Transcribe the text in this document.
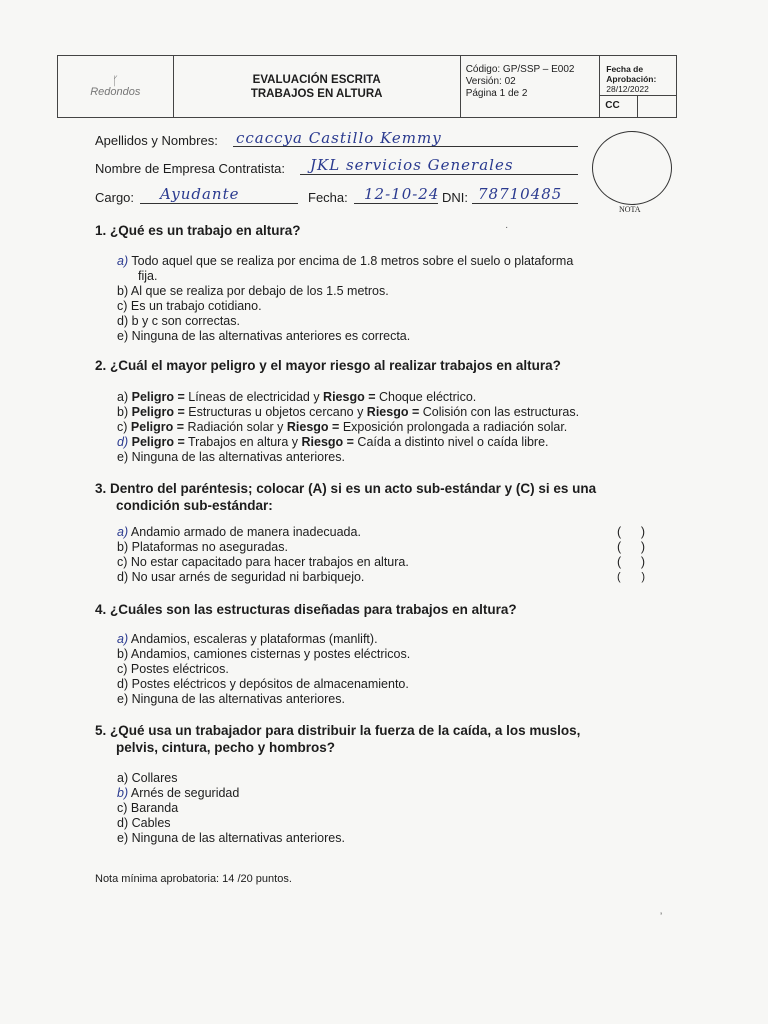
ᚴ
Redondos
EVALUACIÓN ESCRITA
TRABAJOS EN ALTURA
Código: GP/SSP – E002
Versión: 02
Página 1 de 2
Fecha de Aprobación:
28/12/2022
CC
Apellidos y Nombres: ccaccya Castillo Kemmy
Nombre de Empresa Contratista: JKL servicios Generales
Cargo: Ayudante	Fecha: 12-10-24 DNI: 78710485
NOTA
·
ʼ
1. ¿Qué es un trabajo en altura?
a) Todo aquel que se realiza por encima de 1.8 metros sobre el suelo o plataforma
fija.
b) Al que se realiza por debajo de los 1.5 metros.
c) Es un trabajo cotidiano.
d) b y c son correctas.
e) Ninguna de las alternativas anteriores es correcta.
2. ¿Cuál el mayor peligro y el mayor riesgo al realizar trabajos en altura?
a) Peligro = Líneas de electricidad y Riesgo = Choque eléctrico.
b) Peligro = Estructuras u objetos cercano y Riesgo = Colisión con las estructuras.
c) Peligro = Radiación solar y Riesgo = Exposición prolongada a radiación solar.
d) Peligro = Trabajos en altura y Riesgo = Caída a distinto nivel o caída libre.
e) Ninguna de las alternativas anteriores.
3. Dentro del paréntesis; colocar (A) si es un acto sub-estándar y (C) si es una
condición sub-estándar:
a) Andamio armado de manera inadecuada.
b) Plataformas no aseguradas.
c) No estar capacitado para hacer trabajos en altura.
d) No usar arnés de seguridad ni barbiquejo.
( )
( )
( )
( )
4. ¿Cuáles son las estructuras diseñadas para trabajos en altura?
a) Andamios, escaleras y plataformas (manlift).
b) Andamios, camiones cisternas y postes eléctricos.
c) Postes eléctricos.
d) Postes eléctricos y depósitos de almacenamiento.
e) Ninguna de las alternativas anteriores.
5. ¿Qué usa un trabajador para distribuir la fuerza de la caída, a los muslos,
pelvis, cintura, pecho y hombros?
a) Collares
b) Arnés de seguridad
c) Baranda
d) Cables
e) Ninguna de las alternativas anteriores.
Nota mínima aprobatoria: 14 /20 puntos.
